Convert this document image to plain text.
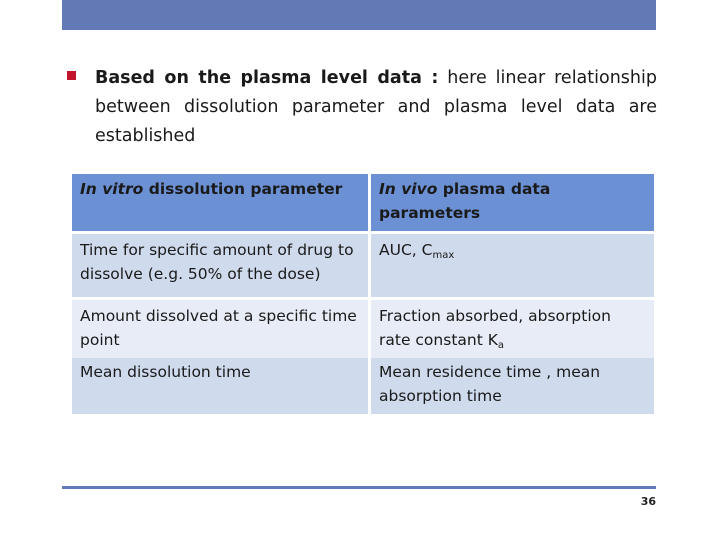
Based on the plasma level data : here linear relationship between dissolution parameter and plasma level data are established
In vitro dissolution parameter	In vivo plasma data parameters
Time for specific amount of drug to dissolve (e.g. 50% of the dose)	AUC, $C_{max}$
Amount dissolved at a specific time point	Fraction absorbed, absorption rate constant $K_a$
Mean dissolution time	Mean residence time , mean absorption time
36
